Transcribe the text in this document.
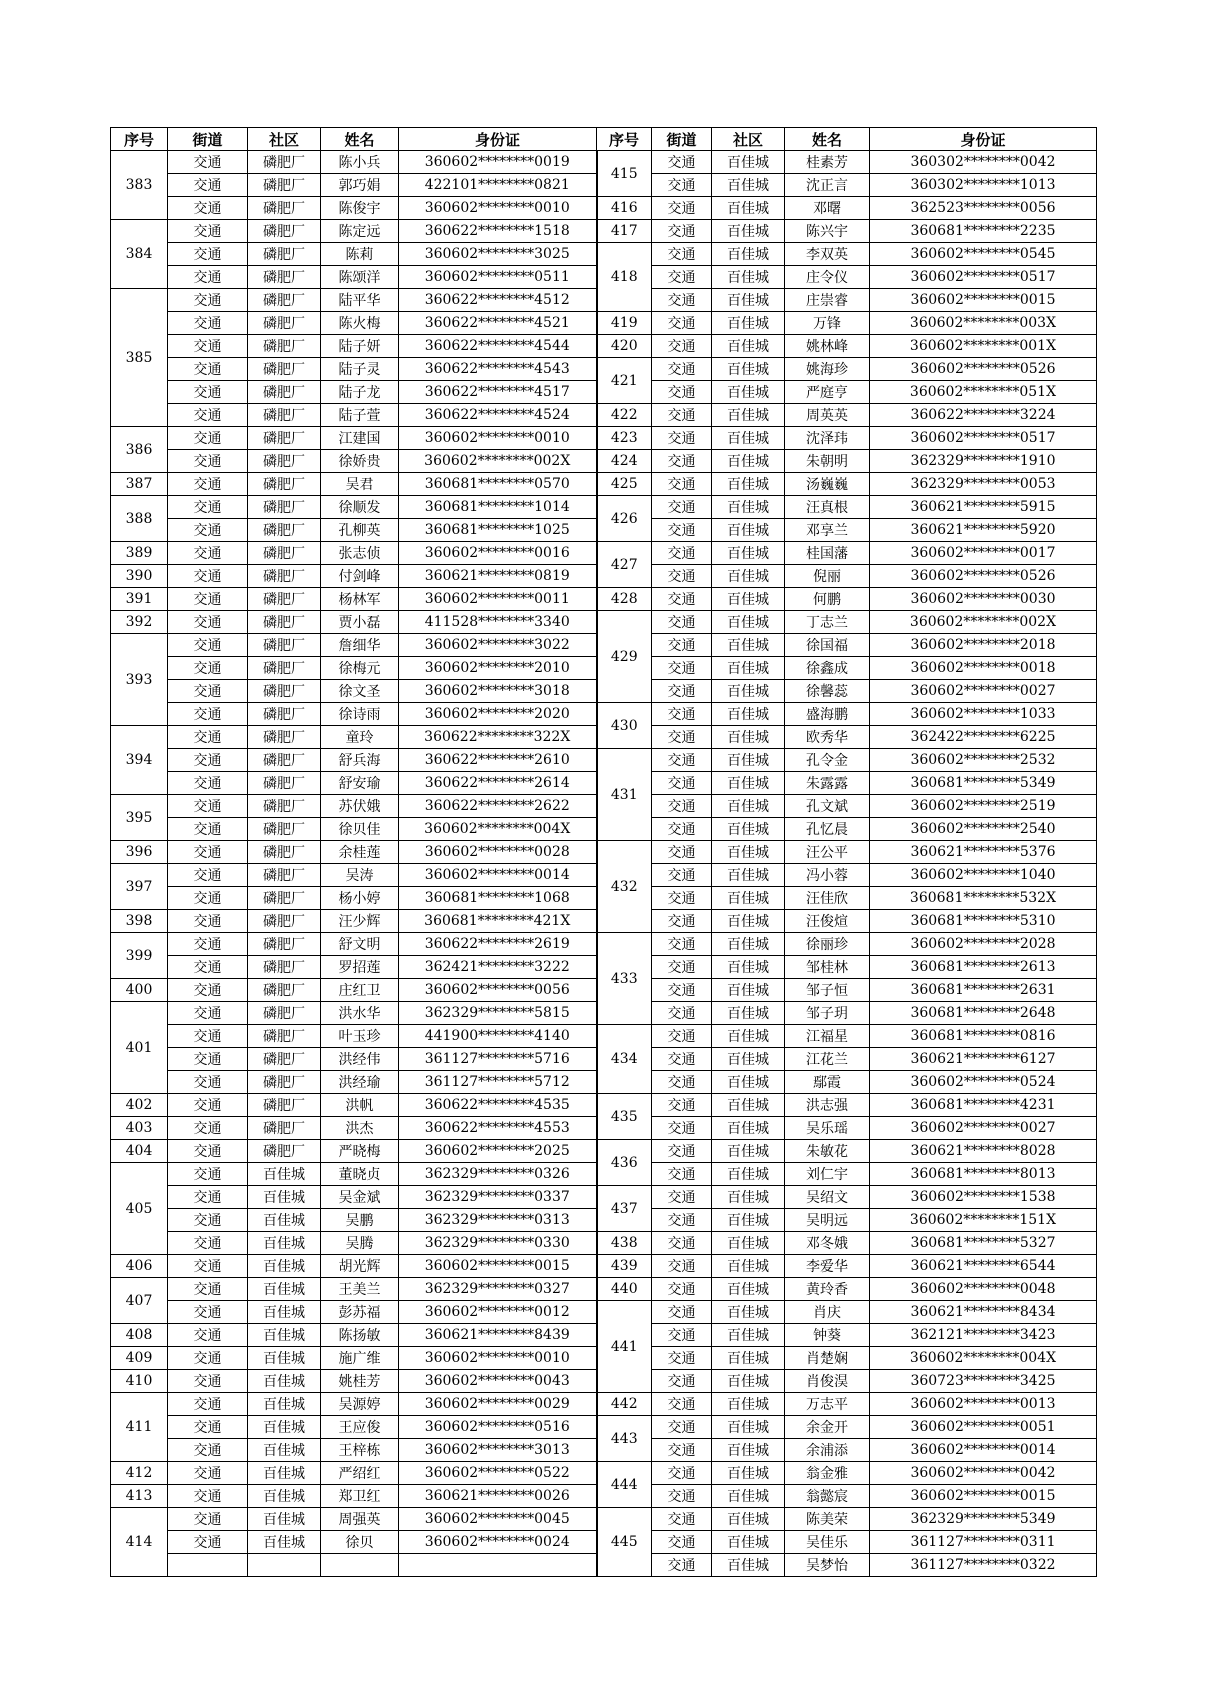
序号	街道	社区	姓名	身份证	序号	街道	社区	姓名	身份证
383	交通	磷肥厂	陈小兵	360602********0019	415	交通	百佳城	桂素芳	360302********0042
	交通	磷肥厂	郭巧娟	422101********0821		交通	百佳城	沈正言	360302********1013
	交通	磷肥厂	陈俊宇	360602********0010	416	交通	百佳城	邓曙	362523********0056
384	交通	磷肥厂	陈定远	360622********1518	417	交通	百佳城	陈兴宇	360681********2235
	交通	磷肥厂	陈莉	360602********3025	418	交通	百佳城	李双英	360602********0545
	交通	磷肥厂	陈颂洋	360602********0511		交通	百佳城	庄令仪	360602********0517
385	交通	磷肥厂	陆平华	360622********4512		交通	百佳城	庄崇睿	360602********0015
	交通	磷肥厂	陈火梅	360622********4521	419	交通	百佳城	万锋	360602********003X
	交通	磷肥厂	陆子妍	360622********4544	420	交通	百佳城	姚林峰	360602********001X
	交通	磷肥厂	陆子灵	360622********4543	421	交通	百佳城	姚海珍	360602********0526
	交通	磷肥厂	陆子龙	360622********4517		交通	百佳城	严庭亨	360602********051X
	交通	磷肥厂	陆子萱	360622********4524	422	交通	百佳城	周英英	360622********3224
386	交通	磷肥厂	江建国	360602********0010	423	交通	百佳城	沈泽玮	360602********0517
	交通	磷肥厂	徐娇贵	360602********002X	424	交通	百佳城	朱朝明	362329********1910
387	交通	磷肥厂	吴君	360681********0570	425	交通	百佳城	汤巍巍	362329********0053
388	交通	磷肥厂	徐顺发	360681********1014	426	交通	百佳城	汪真根	360621********5915
	交通	磷肥厂	孔柳英	360681********1025		交通	百佳城	邓享兰	360621********5920
389	交通	磷肥厂	张志侦	360602********0016	427	交通	百佳城	桂国藩	360602********0017
390	交通	磷肥厂	付剑峰	360621********0819		交通	百佳城	倪丽	360602********0526
391	交通	磷肥厂	杨林军	360602********0011	428	交通	百佳城	何鹏	360602********0030
392	交通	磷肥厂	贾小磊	411528********3340	429	交通	百佳城	丁志兰	360602********002X
393	交通	磷肥厂	詹细华	360602********3022		交通	百佳城	徐国福	360602********2018
	交通	磷肥厂	徐梅元	360602********2010		交通	百佳城	徐鑫成	360602********0018
	交通	磷肥厂	徐文圣	360602********3018		交通	百佳城	徐馨蕊	360602********0027
	交通	磷肥厂	徐诗雨	360602********2020	430	交通	百佳城	盛海鹏	360602********1033
394	交通	磷肥厂	童玲	360622********322X		交通	百佳城	欧秀华	362422********6225
	交通	磷肥厂	舒兵海	360622********2610	431	交通	百佳城	孔令金	360602********2532
	交通	磷肥厂	舒安瑜	360622********2614		交通	百佳城	朱露露	360681********5349
395	交通	磷肥厂	苏伏娥	360622********2622		交通	百佳城	孔文斌	360602********2519
	交通	磷肥厂	徐贝佳	360602********004X		交通	百佳城	孔忆晨	360602********2540
396	交通	磷肥厂	余桂莲	360602********0028	432	交通	百佳城	汪公平	360621********5376
397	交通	磷肥厂	吴涛	360602********0014		交通	百佳城	冯小蓉	360602********1040
	交通	磷肥厂	杨小婷	360681********1068		交通	百佳城	汪佳欣	360681********532X
398	交通	磷肥厂	汪少辉	360681********421X		交通	百佳城	汪俊煊	360681********5310
399	交通	磷肥厂	舒文明	360622********2619	433	交通	百佳城	徐丽珍	360602********2028
	交通	磷肥厂	罗招莲	362421********3222		交通	百佳城	邹桂林	360681********2613
400	交通	磷肥厂	庄红卫	360602********0056		交通	百佳城	邹子恒	360681********2631
401	交通	磷肥厂	洪水华	362329********5815		交通	百佳城	邹子玥	360681********2648
	交通	磷肥厂	叶玉珍	441900********4140	434	交通	百佳城	江福星	360681********0816
	交通	磷肥厂	洪经伟	361127********5716		交通	百佳城	江花兰	360621********6127
	交通	磷肥厂	洪经瑜	361127********5712		交通	百佳城	鄢霞	360602********0524
402	交通	磷肥厂	洪帆	360622********4535	435	交通	百佳城	洪志强	360681********4231
403	交通	磷肥厂	洪杰	360622********4553		交通	百佳城	吴乐瑶	360602********0027
404	交通	磷肥厂	严晓梅	360602********2025	436	交通	百佳城	朱敏花	360621********8028
405	交通	百佳城	董晓贞	362329********0326		交通	百佳城	刘仁宇	360681********8013
	交通	百佳城	吴金斌	362329********0337	437	交通	百佳城	吴绍文	360602********1538
	交通	百佳城	吴鹏	362329********0313		交通	百佳城	吴明远	360602********151X
	交通	百佳城	吴腾	362329********0330	438	交通	百佳城	邓冬娥	360681********5327
406	交通	百佳城	胡光辉	360602********0015	439	交通	百佳城	李爱华	360621********6544
407	交通	百佳城	王美兰	362329********0327	440	交通	百佳城	黄玲香	360602********0048
	交通	百佳城	彭苏福	360602********0012	441	交通	百佳城	肖庆	360621********8434
408	交通	百佳城	陈扬敏	360621********8439		交通	百佳城	钟葵	362121********3423
409	交通	百佳城	施广维	360602********0010		交通	百佳城	肖楚娴	360602********004X
410	交通	百佳城	姚桂芳	360602********0043		交通	百佳城	肖俊淏	360723********3425
411	交通	百佳城	吴源婷	360602********0029	442	交通	百佳城	万志平	360602********0013
	交通	百佳城	王应俊	360602********0516	443	交通	百佳城	余金开	360602********0051
	交通	百佳城	王梓栋	360602********3013		交通	百佳城	余浦添	360602********0014
412	交通	百佳城	严绍红	360602********0522	444	交通	百佳城	翁金雅	360602********0042
413	交通	百佳城	郑卫红	360621********0026		交通	百佳城	翁懿宸	360602********0015
414	交通	百佳城	周强英	360602********0045	445	交通	百佳城	陈美荣	362329********5349
	交通	百佳城	徐贝	360602********0024		交通	百佳城	吴佳乐	361127********0311
						交通	百佳城	吴梦怡	361127********0322
